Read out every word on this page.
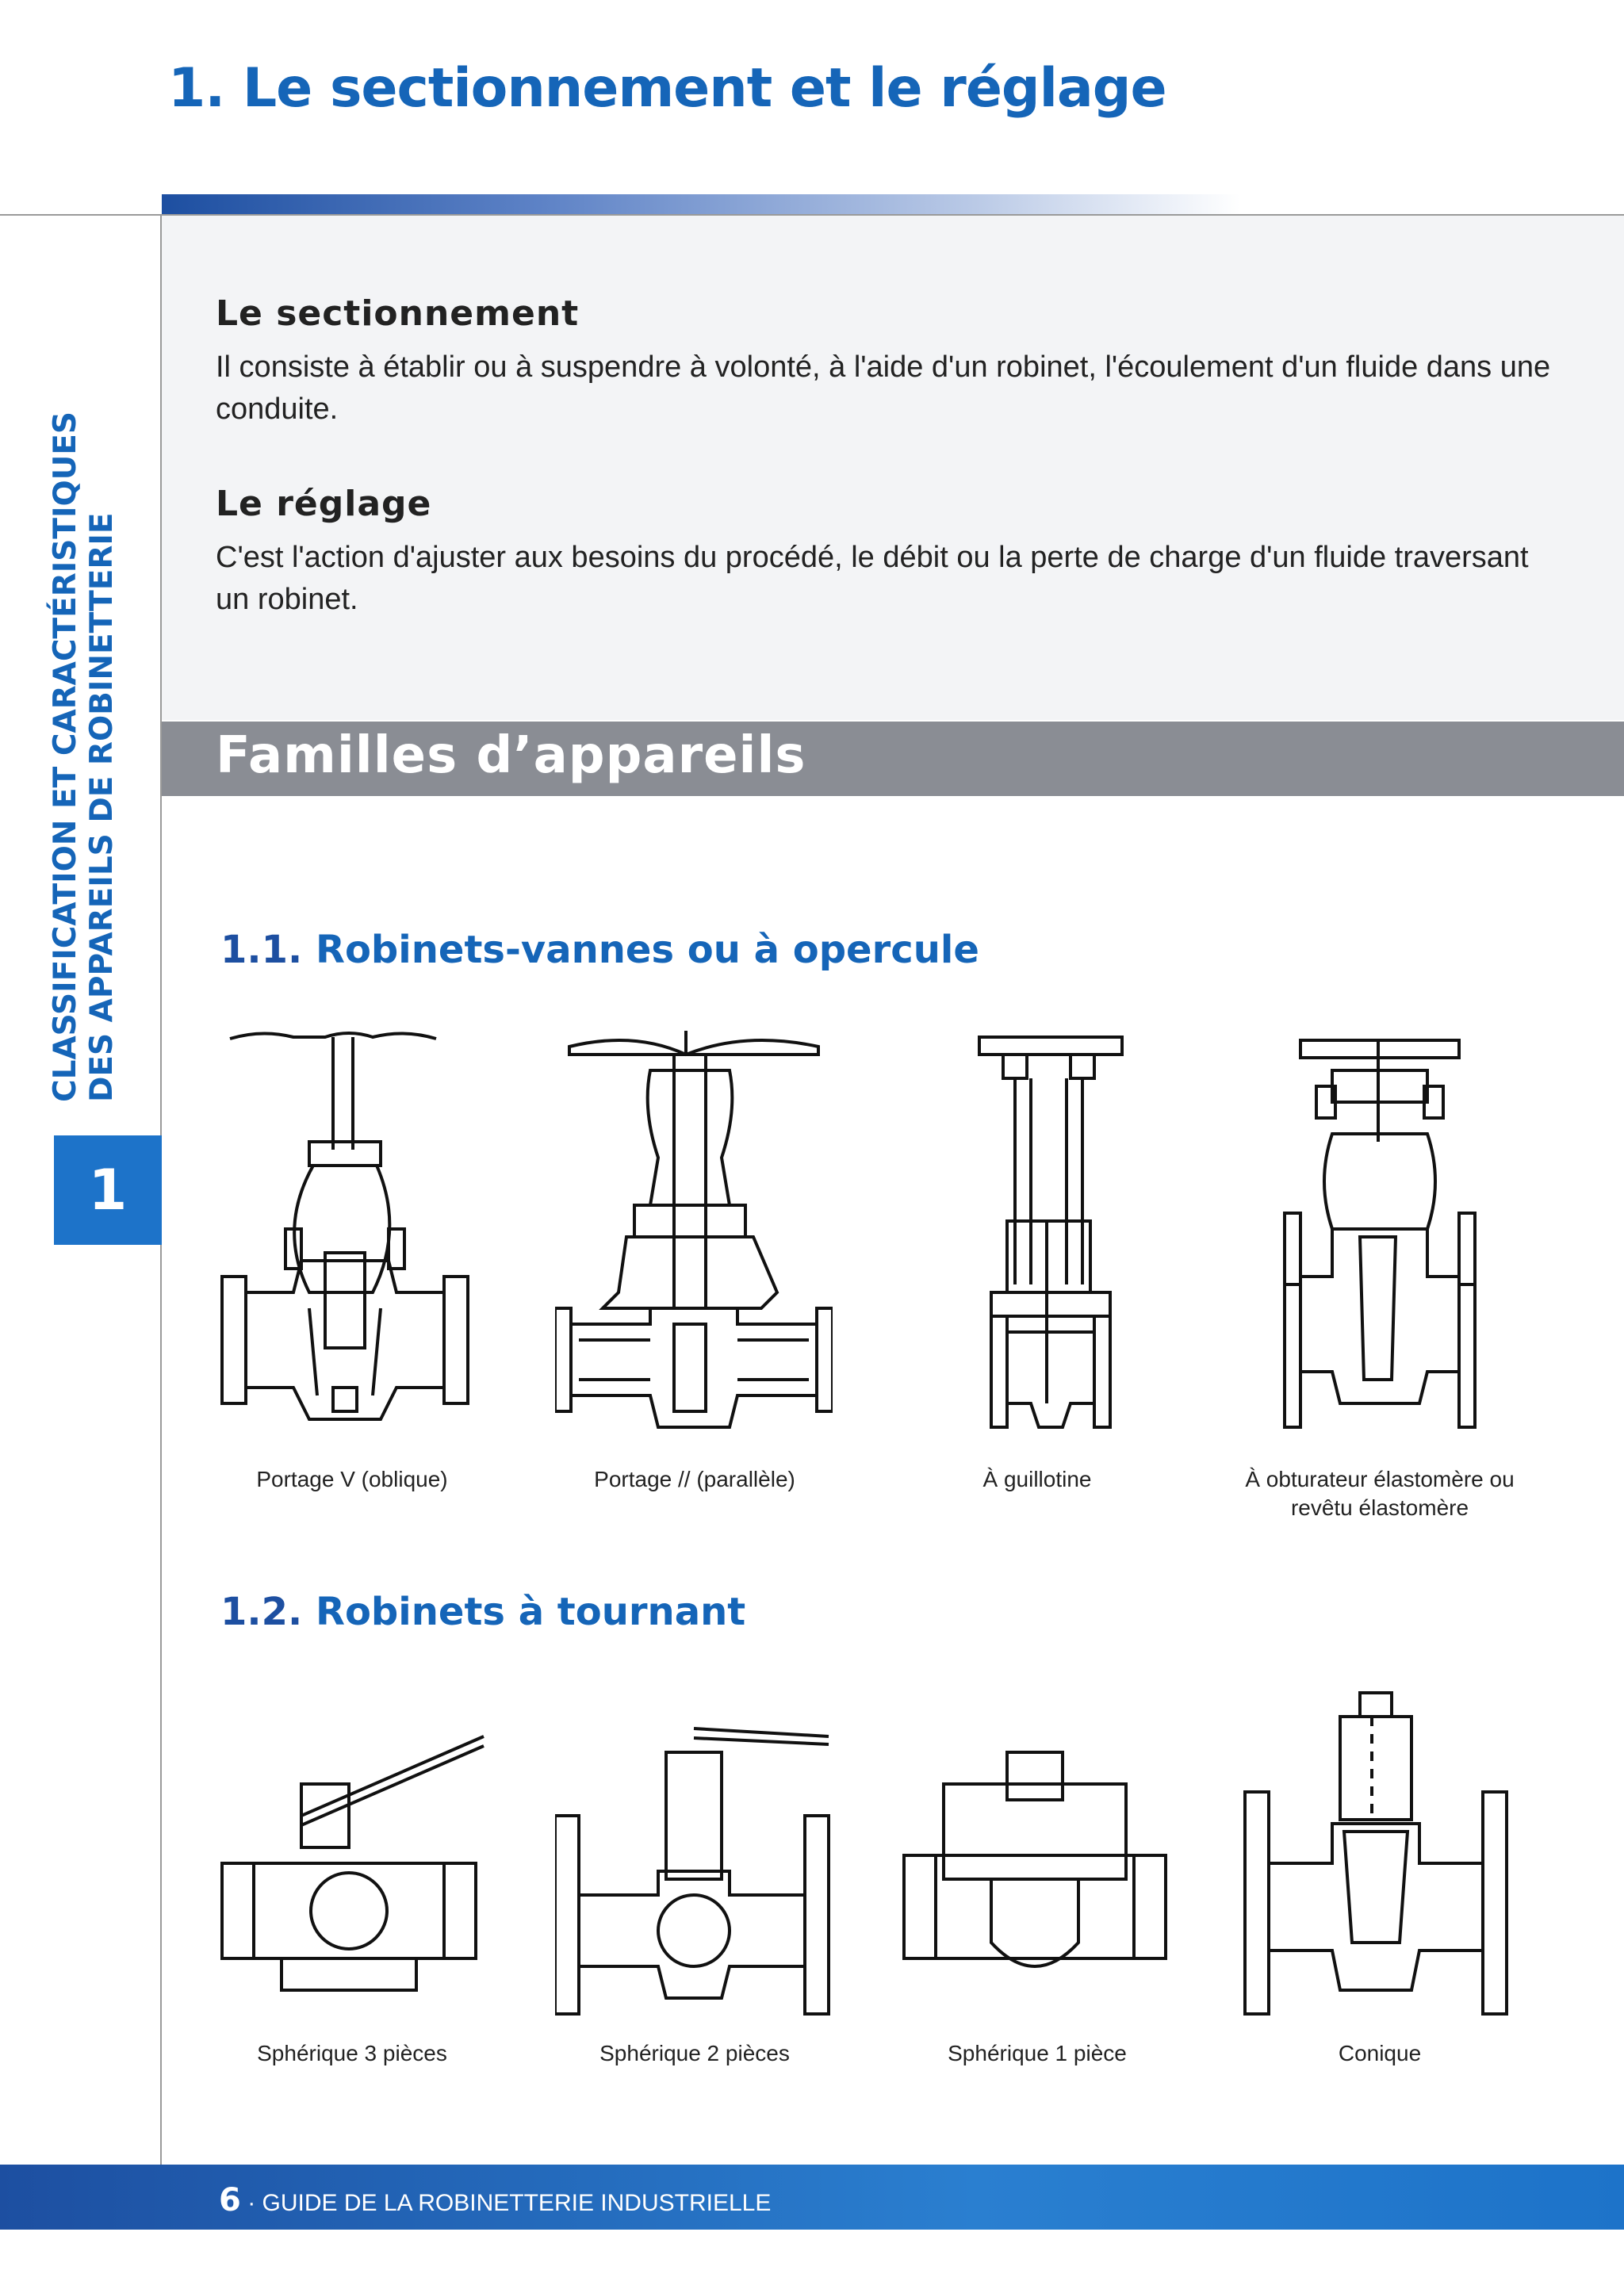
1. Le sectionnement et le réglage
CLASSIFICATION ET CARACTÉRISTIQUES DES APPAREILS DE ROBINETTERIE
1
Le sectionnement

Il consiste à établir ou à suspendre à volonté, à l'aide d'un robinet, l'écoulement d'un fluide dans une conduite.

Le réglage

C'est l'action d'ajuster aux besoins du procédé, le débit ou la perte de charge d'un fluide traversant un robinet.

Familles d’appareils
1.1. Robinets-vannes ou à opercule
Portage V (oblique)	Portage // (parallèle)	À guillotine	À obturateur élastomère ou revêtu élastomère
1.2. Robinets à tournant
Sphérique 3 pièces	Sphérique 2 pièces	Sphérique 1 pièce	Conique
6 · GUIDE DE LA ROBINETTERIE INDUSTRIELLE
